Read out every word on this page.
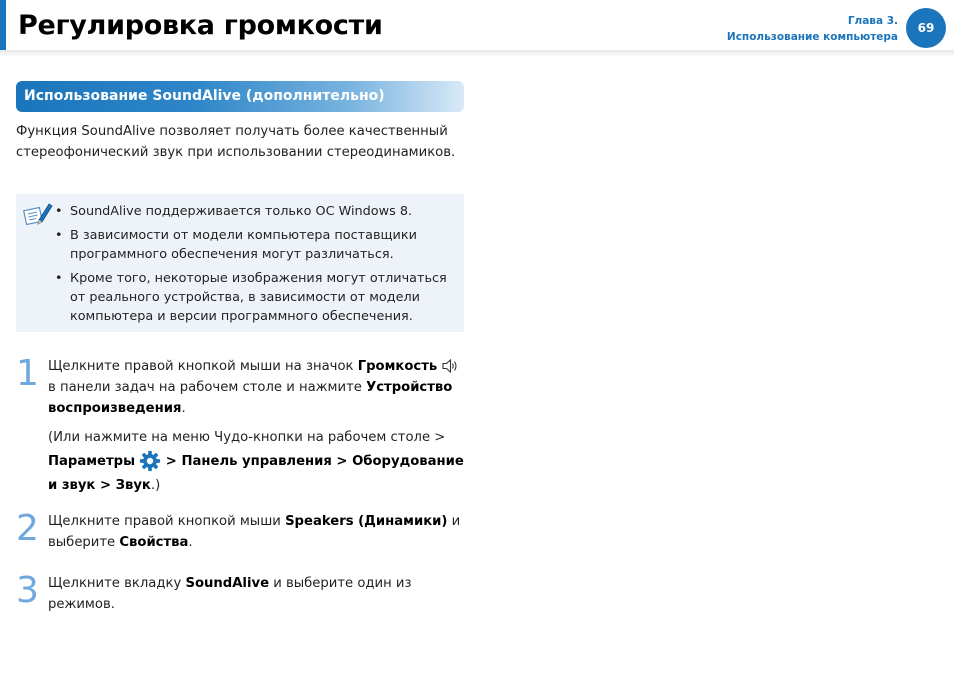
Регулировка громкости	Глава 3.
Использование компьютера
69
Использование SoundAlive (дополнительно)

Функция SoundAlive позволяет получать более качественный стереофонический звук при использовании стереодинамиков.

• SoundAlive поддерживается только ОС Windows 8.
• В зависимости от модели компьютера поставщики программного обеспечения могут различаться.
• Кроме того, некоторые изображения могут отличаться от реального устройства, в зависимости от модели компьютера и версии программного обеспечения.
1 Щелкните правой кнопкой мыши на значок Громкость  в панели задач на рабочем столе и нажмите Устройство воспроизведения.

(Или нажмите на меню Чудо-кнопки на рабочем столе > Параметры  > Панель управления > Оборудование и звук > Звук.)

2 Щелкните правой кнопкой мыши Speakers (Динамики) и выберите Свойства.

3 Щелкните вкладку SoundAlive и выберите один из режимов.
